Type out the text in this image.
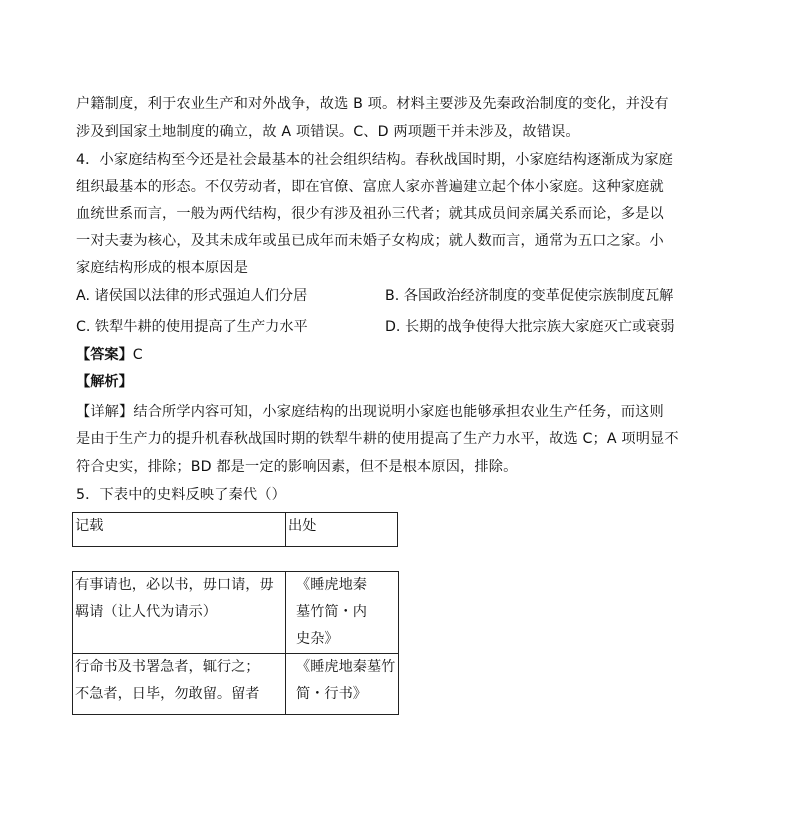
户籍制度，利于农业生产和对外战争，故选 B 项。材料主要涉及先秦政治制度的变化，并没有
涉及到国家土地制度的确立，故 A 项错误。C、D 两项题干并未涉及，故错误。
4．小家庭结构至今还是社会最基本的社会组织结构。春秋战国时期，小家庭结构逐渐成为家庭
组织最基本的形态。不仅劳动者，即在官僚、富庶人家亦普遍建立起个体小家庭。这种家庭就
血统世系而言，一般为两代结构，很少有涉及祖孙三代者；就其成员间亲属关系而论，多是以
一对夫妻为核心，及其未成年或虽已成年而未婚子女构成；就人数而言，通常为五口之家。小
家庭结构形成的根本原因是
A. 诸侯国以法律的形式强迫人们分居	B. 各国政治经济制度的变革促使宗族制度瓦解
C. 铁犁牛耕的使用提高了生产力水平	D. 长期的战争使得大批宗族大家庭灭亡或衰弱
【答案】C
【解析】
【详解】结合所学内容可知，小家庭结构的出现说明小家庭也能够承担农业生产任务，而这则
是由于生产力的提升机春秋战国时期的铁犁牛耕的使用提高了生产力水平，故选 C；A 项明显不
符合史实，排除；BD 都是一定的影响因素，但不是根本原因，排除。
5．下表中的史料反映了秦代（）
记载	出处
有事请也，必以书，毋口请，毋
羁请（让人代为请示）	《睡虎地秦
墓竹简・内
史杂》

行命书及书署急者，辄行之；
不急者，日毕，勿敢留。留者	《睡虎地秦墓竹
简・行书》
